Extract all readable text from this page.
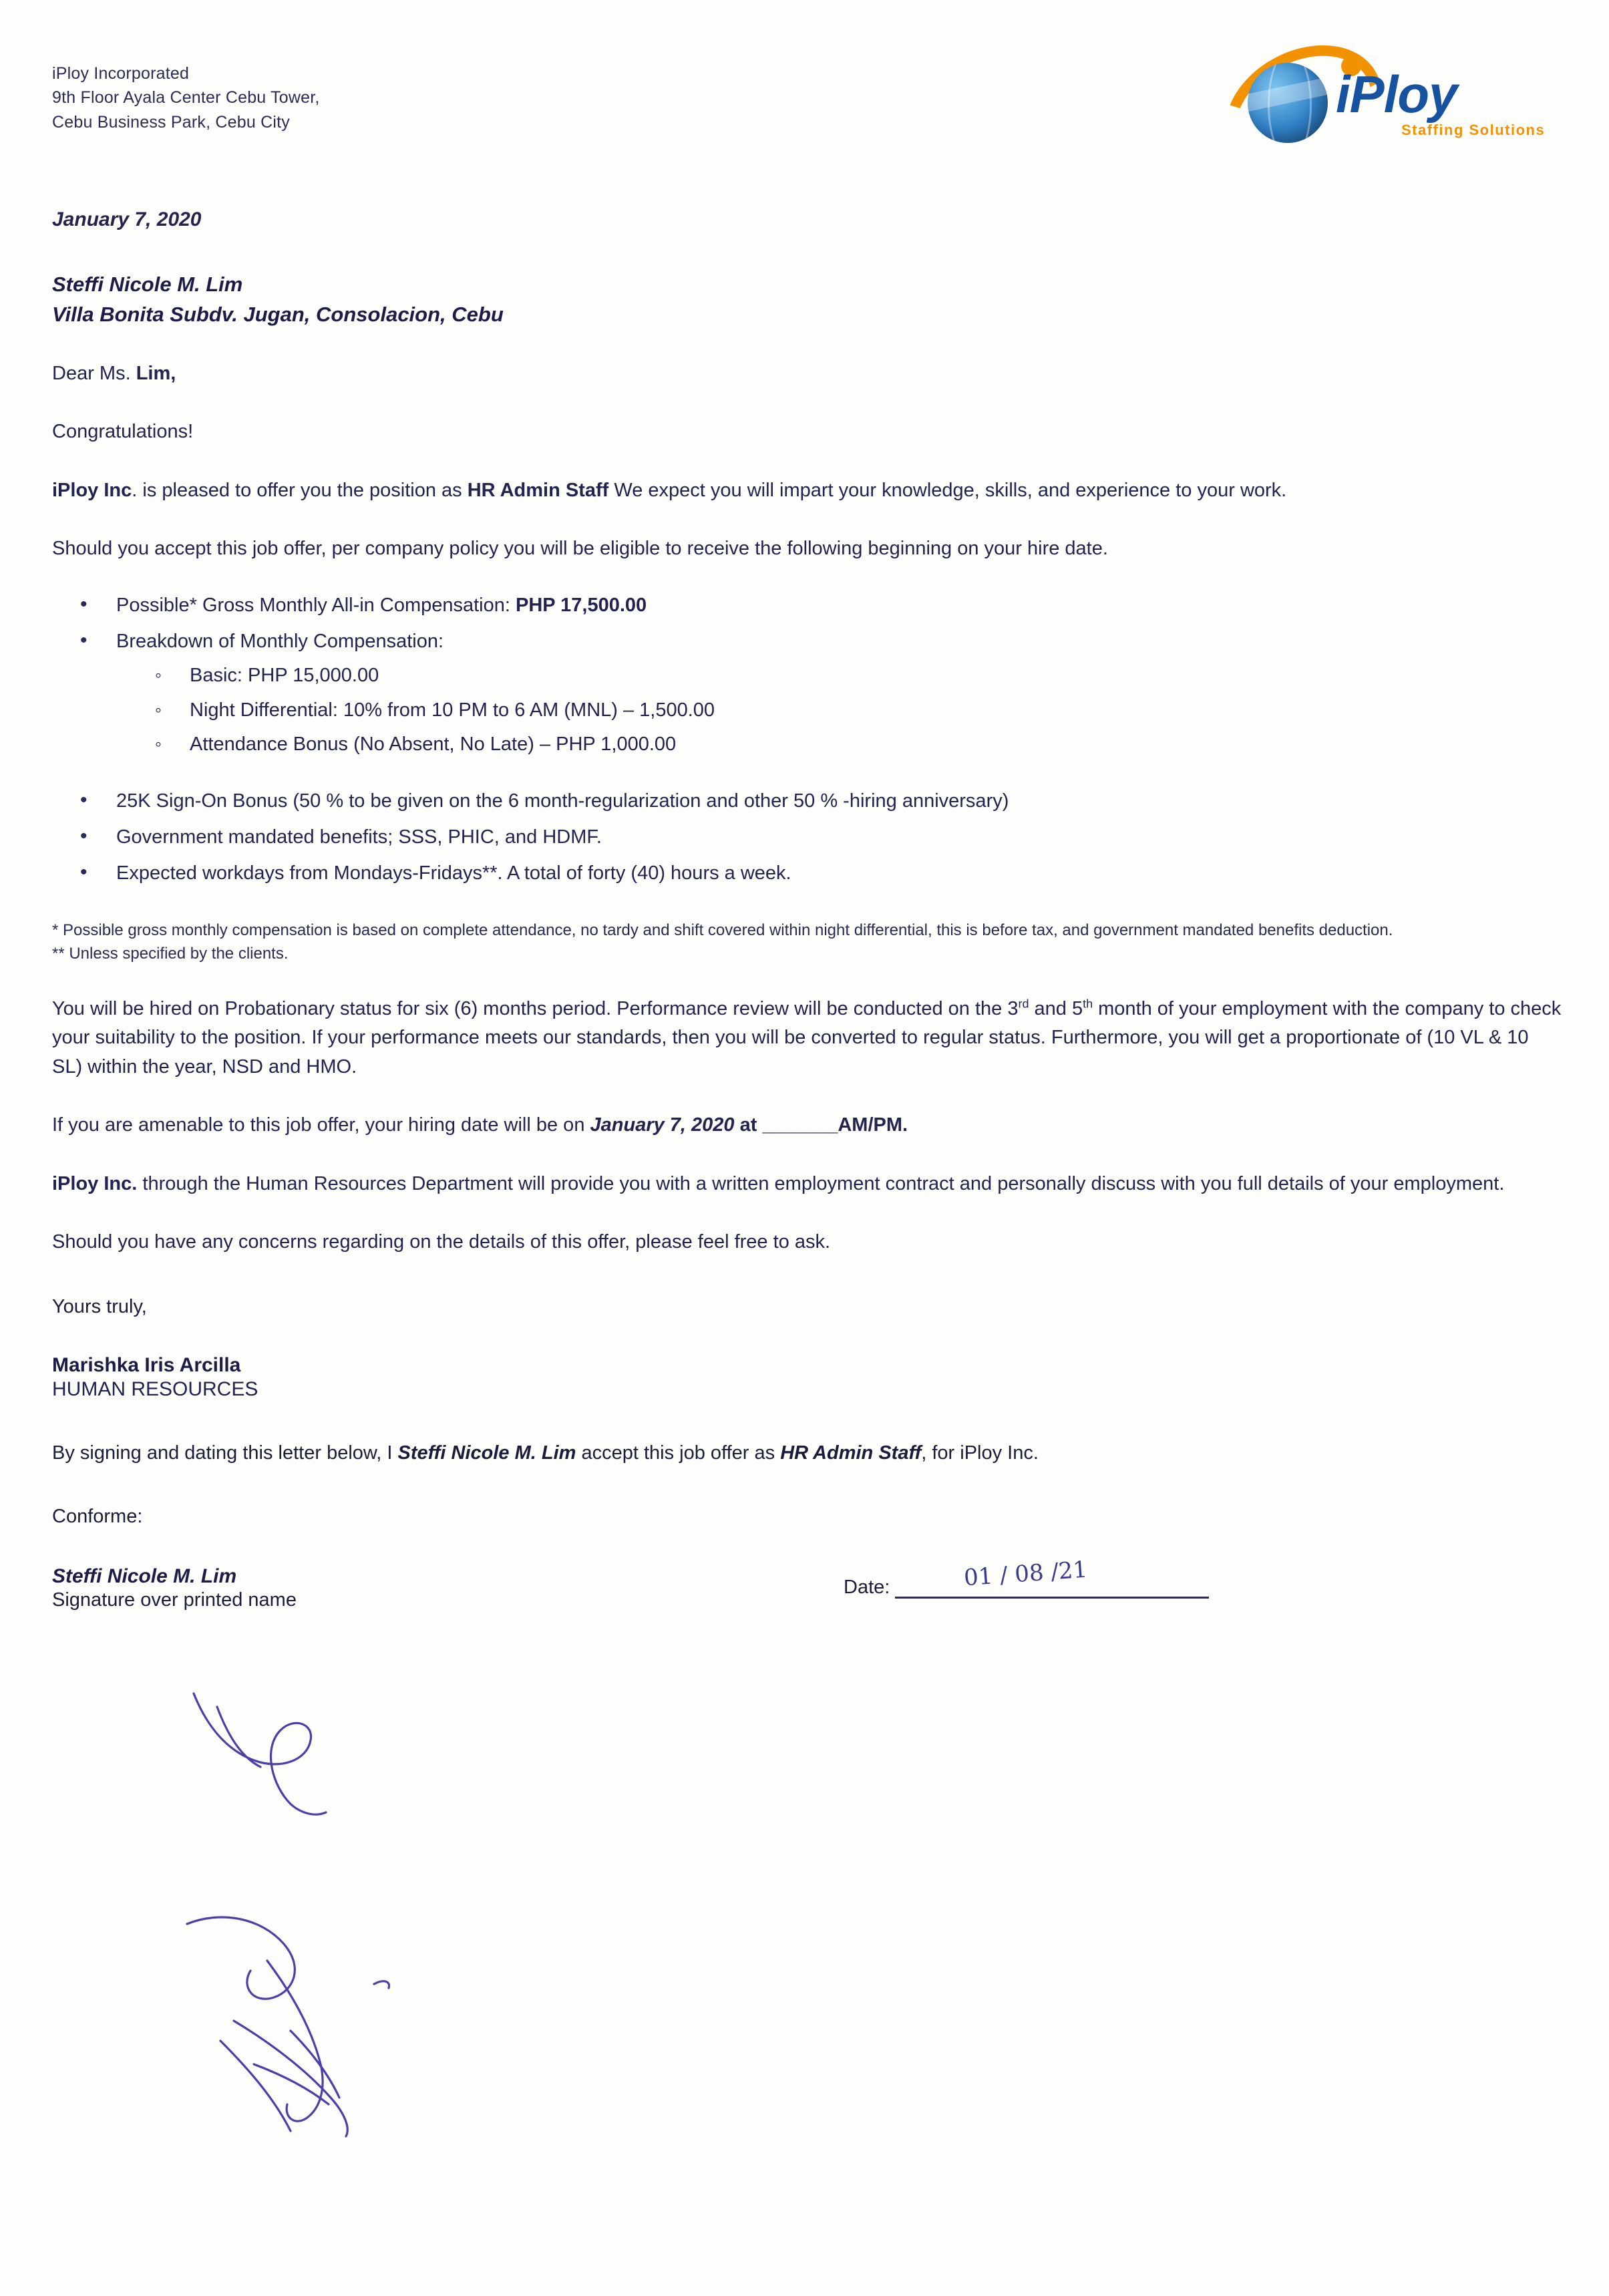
iPloy Incorporated
9th Floor Ayala Center Cebu Tower,
Cebu Business Park, Cebu City	iPloy
Staffing Solutions
January 7, 2020
Steffi Nicole M. Lim
Villa Bonita Subdv. Jugan, Consolacion, Cebu
Dear Ms. Lim,
Congratulations!
iPloy Inc. is pleased to offer you the position as HR Admin Staff We expect you will impart your knowledge, skills, and experience to your work.
Should you accept this job offer, per company policy you will be eligible to receive the following beginning on your hire date.
• Possible* Gross Monthly All-in Compensation: PHP 17,500.00
• Breakdown of Monthly Compensation:
◦ Basic: PHP 15,000.00
◦ Night Differential: 10% from 10 PM to 6 AM (MNL) – 1,500.00
◦ Attendance Bonus (No Absent, No Late) – PHP 1,000.00
• 25K Sign-On Bonus (50 % to be given on the 6 month-regularization and other 50 % -hiring anniversary)
• Government mandated benefits; SSS, PHIC, and HDMF.
• Expected workdays from Mondays-Fridays**. A total of forty (40) hours a week.
* Possible gross monthly compensation is based on complete attendance, no tardy and shift covered within night differential, this is before tax, and government mandated benefits deduction.
** Unless specified by the clients.
You will be hired on Probationary status for six (6) months period. Performance review will be conducted on the 3rd and 5th month of your employment with the company to check your suitability to the position. If your performance meets our standards, then you will be converted to regular status. Furthermore, you will get a proportionate of (10 VL & 10 SL) within the year, NSD and HMO.
If you are amenable to this job offer, your hiring date will be on January 7, 2020 at _______AM/PM.
iPloy Inc. through the Human Resources Department will provide you with a written employment contract and personally discuss with you full details of your employment.
Should you have any concerns regarding on the details of this offer, please feel free to ask.
Yours truly,
Marishka Iris Arcilla
HUMAN RESOURCES
By signing and dating this letter below, I Steffi Nicole M. Lim accept this job offer as HR Admin Staff, for iPloy Inc.
Conforme:
Steffi Nicole M. Lim
Signature over printed name
Date:	01 / 08 /21
